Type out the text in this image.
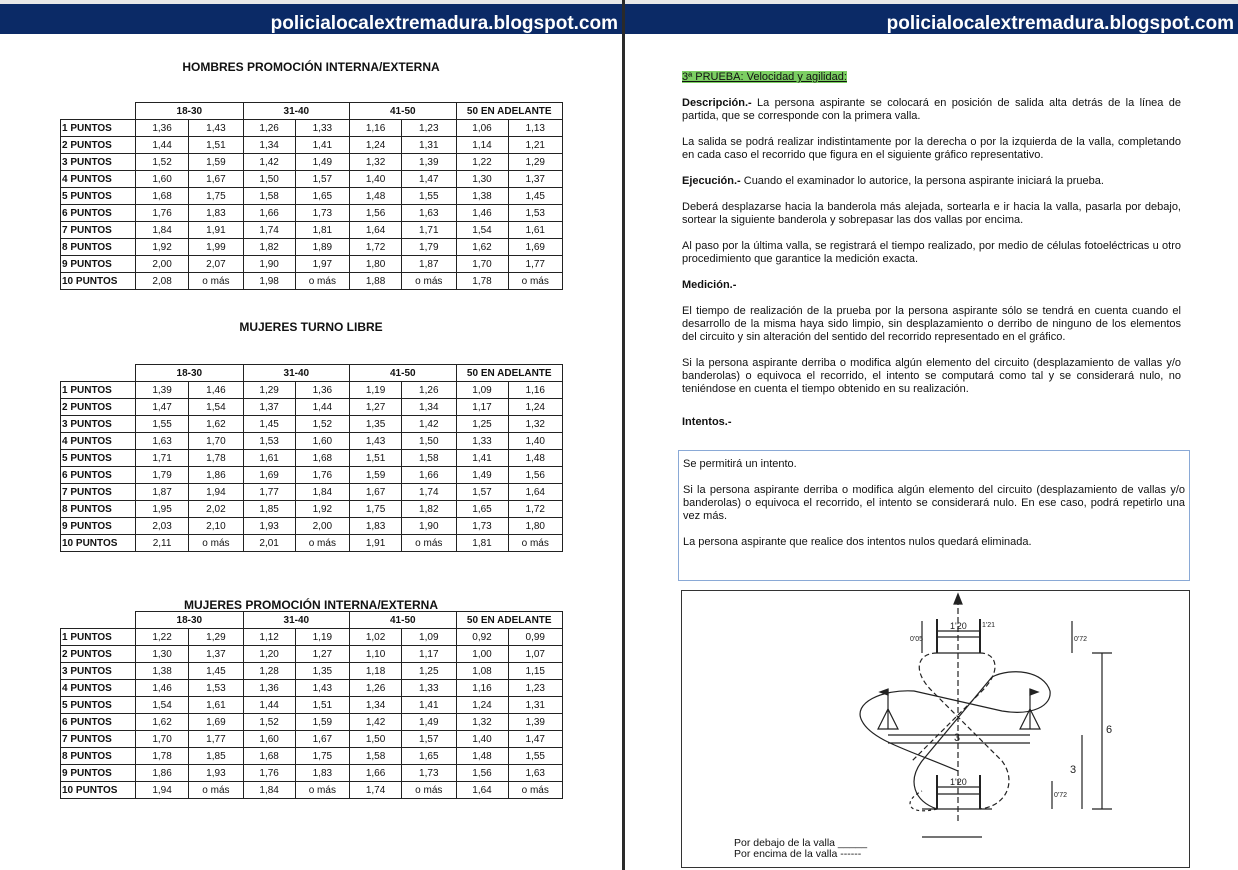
policialocalextremadura.blogspot.com
HOMBRES PROMOCIÓN INTERNA/EXTERNA
	18-30		31-40		41-50		50 EN ADELANTE	
1 PUNTOS	1,36	1,43	1,26	1,33	1,16	1,23	1,06	1,13
2 PUNTOS	1,44	1,51	1,34	1,41	1,24	1,31	1,14	1,21
3 PUNTOS	1,52	1,59	1,42	1,49	1,32	1,39	1,22	1,29
4 PUNTOS	1,60	1,67	1,50	1,57	1,40	1,47	1,30	1,37
5 PUNTOS	1,68	1,75	1,58	1,65	1,48	1,55	1,38	1,45
6 PUNTOS	1,76	1,83	1,66	1,73	1,56	1,63	1,46	1,53
7 PUNTOS	1,84	1,91	1,74	1,81	1,64	1,71	1,54	1,61
8 PUNTOS	1,92	1,99	1,82	1,89	1,72	1,79	1,62	1,69
9 PUNTOS	2,00	2,07	1,90	1,97	1,80	1,87	1,70	1,77
10 PUNTOS	2,08	o más	1,98	o más	1,88	o más	1,78	o más
MUJERES TURNO LIBRE
	18-30		31-40		41-50		50 EN ADELANTE	
1 PUNTOS	1,39	1,46	1,29	1,36	1,19	1,26	1,09	1,16
2 PUNTOS	1,47	1,54	1,37	1,44	1,27	1,34	1,17	1,24
3 PUNTOS	1,55	1,62	1,45	1,52	1,35	1,42	1,25	1,32
4 PUNTOS	1,63	1,70	1,53	1,60	1,43	1,50	1,33	1,40
5 PUNTOS	1,71	1,78	1,61	1,68	1,51	1,58	1,41	1,48
6 PUNTOS	1,79	1,86	1,69	1,76	1,59	1,66	1,49	1,56
7 PUNTOS	1,87	1,94	1,77	1,84	1,67	1,74	1,57	1,64
8 PUNTOS	1,95	2,02	1,85	1,92	1,75	1,82	1,65	1,72
9 PUNTOS	2,03	2,10	1,93	2,00	1,83	1,90	1,73	1,80
10 PUNTOS	2,11	o más	2,01	o más	1,91	o más	1,81	o más
MUJERES PROMOCIÓN INTERNA/EXTERNA
	18-30		31-40		41-50		50 EN ADELANTE	
1 PUNTOS	1,22	1,29	1,12	1,19	1,02	1,09	0,92	0,99
2 PUNTOS	1,30	1,37	1,20	1,27	1,10	1,17	1,00	1,07
3 PUNTOS	1,38	1,45	1,28	1,35	1,18	1,25	1,08	1,15
4 PUNTOS	1,46	1,53	1,36	1,43	1,26	1,33	1,16	1,23
5 PUNTOS	1,54	1,61	1,44	1,51	1,34	1,41	1,24	1,31
6 PUNTOS	1,62	1,69	1,52	1,59	1,42	1,49	1,32	1,39
7 PUNTOS	1,70	1,77	1,60	1,67	1,50	1,57	1,40	1,47
8 PUNTOS	1,78	1,85	1,68	1,75	1,58	1,65	1,48	1,55
9 PUNTOS	1,86	1,93	1,76	1,83	1,66	1,73	1,56	1,63
10 PUNTOS	1,94	o más	1,84	o más	1,74	o más	1,64	o más
policialocalextremadura.blogspot.com

3ª PRUEBA: Velocidad y agilidad:

Descripción.- La persona aspirante se colocará en posición de salida alta detrás de la línea de partida, que se corresponde con la primera valla.

La salida se podrá realizar indistintamente por la derecha o por la izquierda de la valla, completando en cada caso el recorrido que figura en el siguiente gráfico representativo.

Ejecución.- Cuando el examinador lo autorice, la persona aspirante iniciará la prueba.

Deberá desplazarse hacia la banderola más alejada, sortearla e ir hacia la valla, pasarla por debajo, sortear la siguiente banderola y sobrepasar las dos vallas por encima.

Al paso por la última valla, se registrará el tiempo realizado, por medio de células fotoeléctricas u otro procedimiento que garantice la medición exacta.

Medición.-

El tiempo de realización de la prueba por la persona aspirante sólo se tendrá en cuenta cuando el desarrollo de la misma haya sido limpio, sin desplazamiento o derribo de ninguno de los elementos del circuito y sin alteración del sentido del recorrido representado en el gráfico.

Si la persona aspirante derriba o modifica algún elemento del circuito (desplazamiento de vallas y/o banderolas) o equivoca el recorrido, el intento se computará como tal y se considerará nulo, no teniéndose en cuenta el tiempo obtenido en su realización.

Intentos.-

Se permitirá un intento.

Si la persona aspirante derriba o modifica algún elemento del circuito (desplazamiento de vallas y/o banderolas) o equivoca el recorrido, el intento se considerará nulo. En ese caso, podrá repetirlo una vez más.

La persona aspirante que realice dos intentos nulos quedará eliminada.

1'20
1'20
3
6
3
0'72
0'72
0'05
1'21
Por debajo de la valla _____
Por encima de la valla ------
